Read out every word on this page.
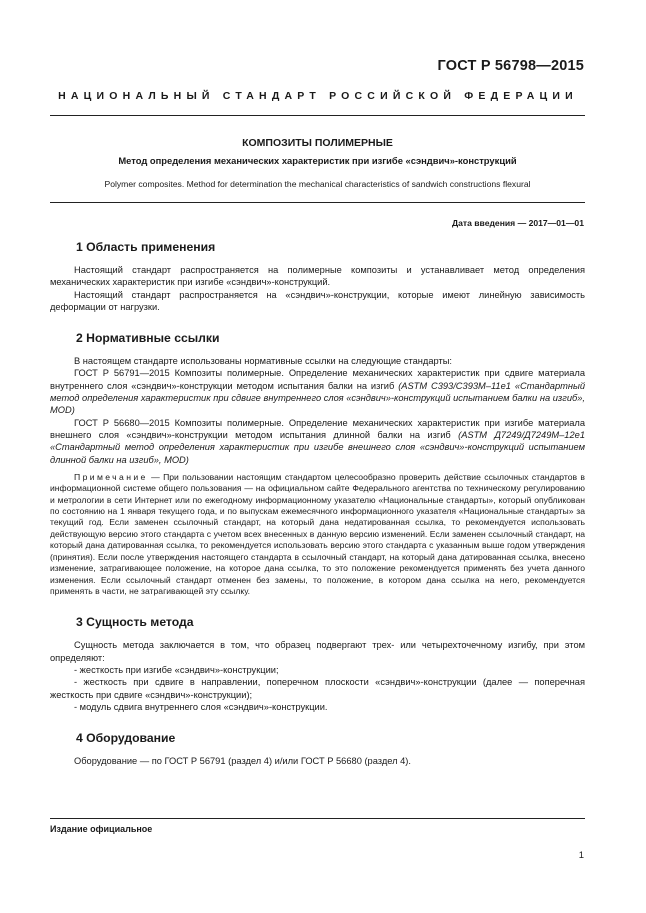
ГОСТ Р 56798—2015
НАЦИОНАЛЬНЫЙ СТАНДАРТ РОССИЙСКОЙ ФЕДЕРАЦИИ
КОМПОЗИТЫ ПОЛИМЕРНЫЕ
Метод определения механических характеристик при изгибе «сэндвич»-конструкций
Polymer composites. Method for determination the mechanical characteristics of sandwich constructions flexural
Дата введения — 2017—01—01
1 Область применения

Настоящий стандарт распространяется на полимерные композиты и устанавливает метод определения механических характеристик при изгибе «сэндвич»-конструкций.

Настоящий стандарт распространяется на «сэндвич»-конструкции, которые имеют линейную зависимость деформации от нагрузки.

2 Нормативные ссылки

В настоящем стандарте использованы нормативные ссылки на следующие стандарты:

ГОСТ Р 56791—2015 Композиты полимерные. Определение механических характеристик при сдвиге материала внутреннего слоя «сэндвич»-конструкции методом испытания балки на изгиб (ASTM C393/C393M–11e1 «Стандартный метод определения характеристик при сдвиге внутреннего слоя «сэндвич»-конструкций испытанием балки на изгиб», MOD)

ГОСТ Р 56680—2015 Композиты полимерные. Определение механических характеристик при изгибе материала внешнего слоя «сэндвич»-конструкции методом испытания длинной балки на изгиб (ASTM Д7249/Д7249М–12e1 «Стандартный метод определения характеристик при изгибе внешнего слоя «сэндвич»-конструкций испытанием длинной балки на изгиб», MOD)

Примечание — При пользовании настоящим стандартом целесообразно проверить действие ссылочных стандартов в информационной системе общего пользования — на официальном сайте Федерального агентства по техническому регулированию и метрологии в сети Интернет или по ежегодному информационному указателю «Национальные стандарты», который опубликован по состоянию на 1 января текущего года, и по выпускам ежемесячного информационного указателя «Национальные стандарты» за текущий год. Если заменен ссылочный стандарт, на который дана недатированная ссылка, то рекомендуется использовать действующую версию этого стандарта с учетом всех внесенных в данную версию изменений. Если заменен ссылочный стандарт, на который дана датированная ссылка, то рекомендуется использовать версию этого стандарта с указанным выше годом утверждения (принятия). Если после утверждения настоящего стандарта в ссылочный стандарт, на который дана датированная ссылка, внесено изменение, затрагивающее положение, на которое дана ссылка, то это положение рекомендуется применять без учета данного изменения. Если ссылочный стандарт отменен без замены, то положение, в котором дана ссылка на него, рекомендуется применять в части, не затрагивающей эту ссылку.

3 Сущность метода

Сущность метода заключается в том, что образец подвергают трех- или четырехточечному изгибу, при этом определяют:

- жесткость при изгибе «сэндвич»-конструкции;

- жесткость при сдвиге в направлении, поперечном плоскости «сэндвич»-конструкции (далее — поперечная жесткость при сдвиге «сэндвич»-конструкции);

- модуль сдвига внутреннего слоя «сэндвич»-конструкции.

4 Оборудование

Оборудование — по ГОСТ Р 56791 (раздел 4) и/или ГОСТ Р 56680 (раздел 4).

Издание официальное
1
